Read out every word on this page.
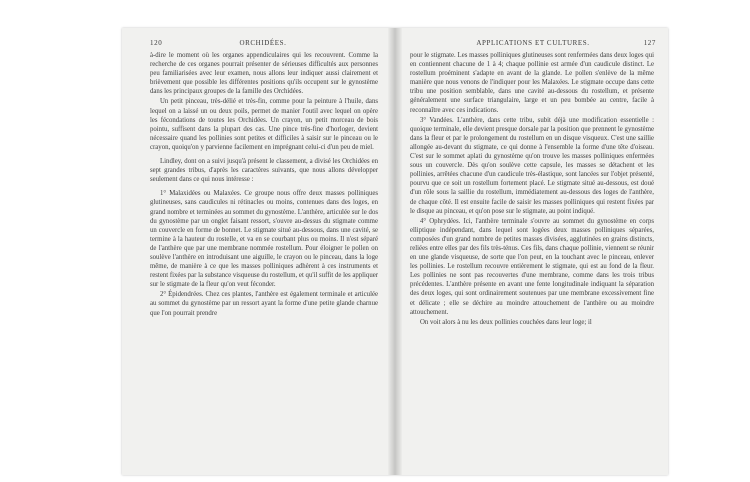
120	ORCHIDÉES.

à-dire le moment où les organes appendiculaires qui les recouvrent. Comme la recherche de ces organes pourrait présenter de sérieuses difficultés aux personnes peu familiarisées avec leur examen, nous allons leur indiquer aussi clairement et brièvement que possible les différentes positions qu'ils occupent sur le gynostème dans les principaux groupes de la famille des Orchidées.

Un petit pinceau, très-délié et très-fin, comme pour la peinture à l'huile, dans lequel on a laissé un ou deux poils, permet de manier l'outil avec lequel on opère les fécondations de toutes les Orchidées. Un crayon, un petit morceau de bois pointu, suffisent dans la plupart des cas. Une pince très-fine d'horloger, devient nécessaire quand les pollinies sont petites et difficiles à saisir sur le pinceau ou le crayon, quoiqu'on y parvienne facilement en imprégnant celui-ci d'un peu de miel.

Lindley, dont on a suivi jusqu'à présent le classement, a divisé les Orchidées en sept grandes tribus, d'après les caractères suivants, que nous allons développer seulement dans ce qui nous intéresse :

1° Malaxidées ou Malaxées. Ce groupe nous offre deux masses polliniques glutineuses, sans caudicules ni rétinacles ou moins, contenues dans des loges, en grand nombre et terminées au sommet du gynostème. L'anthère, articulée sur le dos du gynostème par un onglet faisant ressort, s'ouvre au-dessus du stigmate comme un couvercle en forme de bonnet. Le stigmate situé au-dessous, dans une cavité, se termine à la hauteur du rostelle, et va en se courbant plus ou moins. Il n'est séparé de l'anthère que par une membrane nommée rostellum. Pour éloigner le pollen on soulève l'anthère en introduisant une aiguille, le crayon ou le pinceau, dans la loge même, de manière à ce que les masses polliniques adhèrent à ces instruments et restent fixées par la substance visqueuse du rostellum, et qu'il suffit de les appliquer sur le stigmate de la fleur qu'on veut féconder.

2° Épidendrées. Chez ces plantes, l'anthère est également terminale et articulée au sommet du gynostème par un ressort ayant la forme d'une petite glande charnue que l'on pourrait prendre

APPLICATIONS ET CULTURES.	127

pour le stigmate. Les masses polliniques glutineuses sont renfermées dans deux loges qui en contiennent chacune de 1 à 4; chaque pollinie est armée d'un caudicule distinct. Le rostellum proéminent s'adapte en avant de la glande. Le pollen s'enlève de la même manière que nous venons de l'indiquer pour les Malaxées. Le stigmate occupe dans cette tribu une position semblable, dans une cavité au-dessous du rostellum, et présente généralement une surface triangulaire, large et un peu bombée au centre, facile à reconnaître avec ces indications.

3° Vandées. L'anthère, dans cette tribu, subit déjà une modification essentielle : quoique terminale, elle devient presque dorsale par la position que prennent le gynostème dans la fleur et par le prolongement du rostellum en un disque visqueux. C'est une saillie allongée au-devant du stigmate, ce qui donne à l'ensemble la forme d'une tête d'oiseau. C'est sur le sommet aplati du gynostème qu'on trouve les masses polliniques enfermées sous un couvercle. Dès qu'on soulève cette capsule, les masses se détachent et les pollinies, arrêtées chacune d'un caudicule très-élastique, sont lancées sur l'objet présenté, pourvu que ce soit un rostellum fortement placé. Le stigmate situé au-dessous, est doué d'un rôle sous la saillie du rostellum, immédiatement au-dessous des loges de l'anthère, de chaque côté. Il est ensuite facile de saisir les masses polliniques qui restent fixées par le disque au pinceau, et qu'on pose sur le stigmate, au point indiqué.

4° Ophrydées. Ici, l'anthère terminale s'ouvre au sommet du gynostème en corps elliptique indépendant, dans lequel sont logées deux masses polliniques séparées, composées d'un grand nombre de petites masses divisées, agglutinées en grains distincts, reliées entre elles par des fils très-ténus. Ces fils, dans chaque pollinie, viennent se réunir en une glande visqueuse, de sorte que l'on peut, en la touchant avec le pinceau, enlever les pollinies. Le rostellum recouvre entièrement le stigmate, qui est au fond de la fleur. Les pollinies ne sont pas recouvertes d'une membrane, comme dans les trois tribus précédentes. L'anthère présente en avant une fente longitudinale indiquant la séparation des deux loges, qui sont ordinairement soutenues par une membrane excessivement fine et délicate ; elle se déchire au moindre attouchement de l'anthère ou au moindre attouchement.

On voit alors à nu les deux pollinies couchées dans leur loge; il
